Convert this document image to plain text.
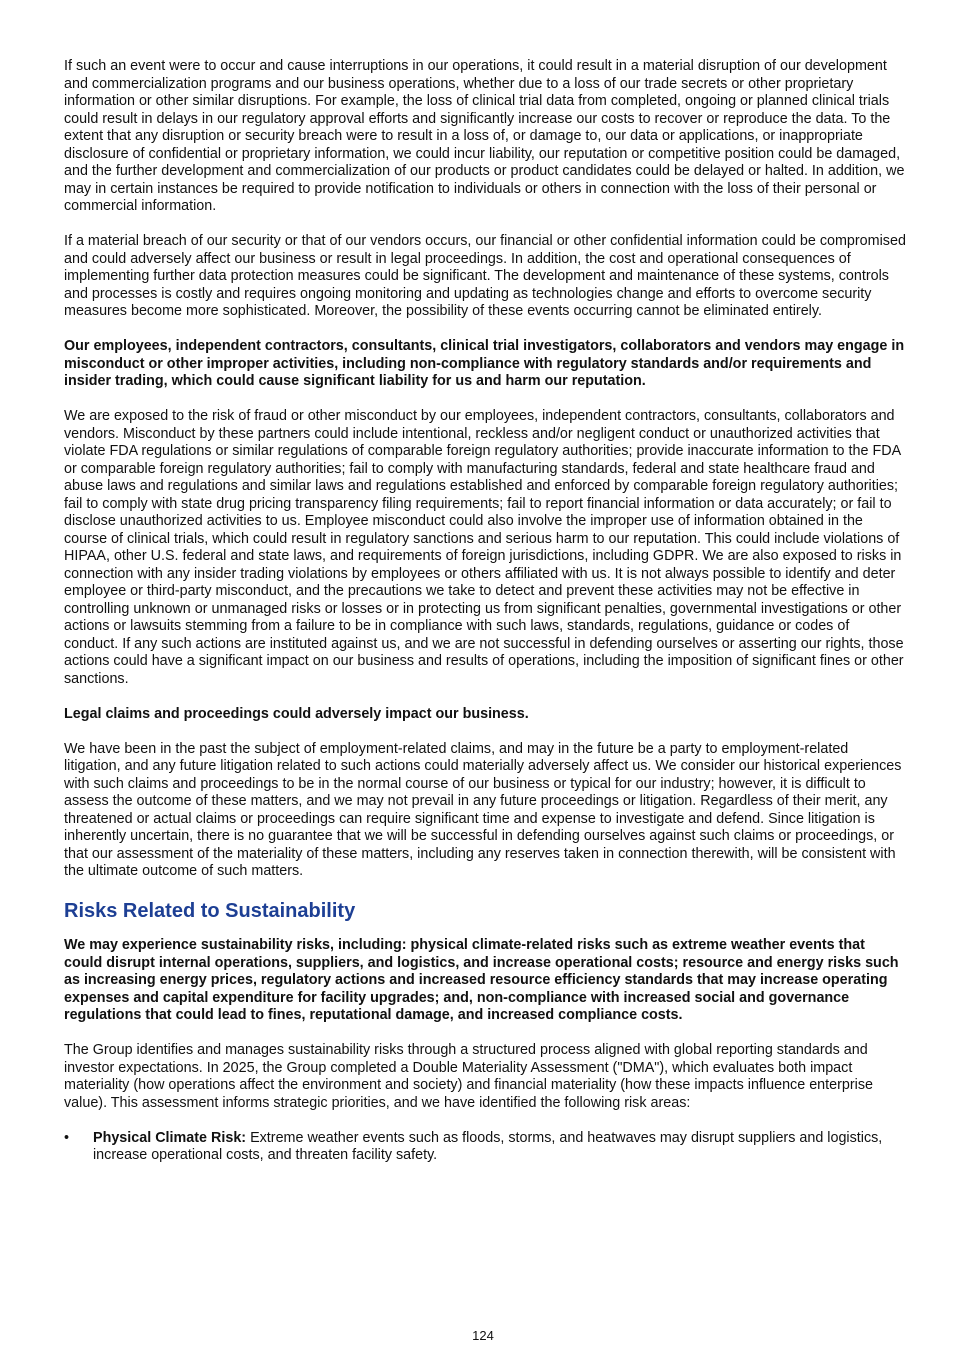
If such an event were to occur and cause interruptions in our operations, it could result in a material disruption of our development and commercialization programs and our business operations, whether due to a loss of our trade secrets or other proprietary information or other similar disruptions. For example, the loss of clinical trial data from completed, ongoing or planned clinical trials could result in delays in our regulatory approval efforts and significantly increase our costs to recover or reproduce the data. To the extent that any disruption or security breach were to result in a loss of, or damage to, our data or applications, or inappropriate disclosure of confidential or proprietary information, we could incur liability, our reputation or competitive position could be damaged, and the further development and commercialization of our products or product candidates could be delayed or halted. In addition, we may in certain instances be required to provide notification to individuals or others in connection with the loss of their personal or commercial information.

If a material breach of our security or that of our vendors occurs, our financial or other confidential information could be compromised and could adversely affect our business or result in legal proceedings. In addition, the cost and operational consequences of implementing further data protection measures could be significant. The development and maintenance of these systems, controls and processes is costly and requires ongoing monitoring and updating as technologies change and efforts to overcome security measures become more sophisticated. Moreover, the possibility of these events occurring cannot be eliminated entirely.

Our employees, independent contractors, consultants, clinical trial investigators, collaborators and vendors may engage in misconduct or other improper activities, including non-compliance with regulatory standards and/or requirements and insider trading, which could cause significant liability for us and harm our reputation.

We are exposed to the risk of fraud or other misconduct by our employees, independent contractors, consultants, collaborators and vendors. Misconduct by these partners could include intentional, reckless and/or negligent conduct or unauthorized activities that violate FDA regulations or similar regulations of comparable foreign regulatory authorities; provide inaccurate information to the FDA or comparable foreign regulatory authorities; fail to comply with manufacturing standards, federal and state healthcare fraud and abuse laws and regulations and similar laws and regulations established and enforced by comparable foreign regulatory authorities; fail to comply with state drug pricing transparency filing requirements; fail to report financial information or data accurately; or fail to disclose unauthorized activities to us. Employee misconduct could also involve the improper use of information obtained in the course of clinical trials, which could result in regulatory sanctions and serious harm to our reputation. This could include violations of HIPAA, other U.S. federal and state laws, and requirements of foreign jurisdictions, including GDPR. We are also exposed to risks in connection with any insider trading violations by employees or others affiliated with us. It is not always possible to identify and deter employee or third-party misconduct, and the precautions we take to detect and prevent these activities may not be effective in controlling unknown or unmanaged risks or losses or in protecting us from significant penalties, governmental investigations or other actions or lawsuits stemming from a failure to be in compliance with such laws, standards, regulations, guidance or codes of conduct. If any such actions are instituted against us, and we are not successful in defending ourselves or asserting our rights, those actions could have a significant impact on our business and results of operations, including the imposition of significant fines or other sanctions.

Legal claims and proceedings could adversely impact our business.

We have been in the past the subject of employment-related claims, and may in the future be a party to employment-related litigation, and any future litigation related to such actions could materially adversely affect us. We consider our historical experiences with such claims and proceedings to be in the normal course of our business or typical for our industry; however, it is difficult to assess the outcome of these matters, and we may not prevail in any future proceedings or litigation. Regardless of their merit, any threatened or actual claims or proceedings can require significant time and expense to investigate and defend. Since litigation is inherently uncertain, there is no guarantee that we will be successful in defending ourselves against such claims or proceedings, or that our assessment of the materiality of these matters, including any reserves taken in connection therewith, will be consistent with the ultimate outcome of such matters.

Risks Related to Sustainability

We may experience sustainability risks, including: physical climate-related risks such as extreme weather events that could disrupt internal operations, suppliers, and logistics, and increase operational costs; resource and energy risks such as increasing energy prices, regulatory actions and increased resource efficiency standards that may increase operating expenses and capital expenditure for facility upgrades; and, non-compliance with increased social and governance regulations that could lead to fines, reputational damage, and increased compliance costs.

The Group identifies and manages sustainability risks through a structured process aligned with global reporting standards and investor expectations. In 2025, the Group completed a Double Materiality Assessment ("DMA"), which evaluates both impact materiality (how operations affect the environment and society) and financial materiality (how these impacts influence enterprise value). This assessment informs strategic priorities, and we have identified the following risk areas:

• Physical Climate Risk: Extreme weather events such as floods, storms, and heatwaves may disrupt suppliers and logistics, increase operational costs, and threaten facility safety.
124
